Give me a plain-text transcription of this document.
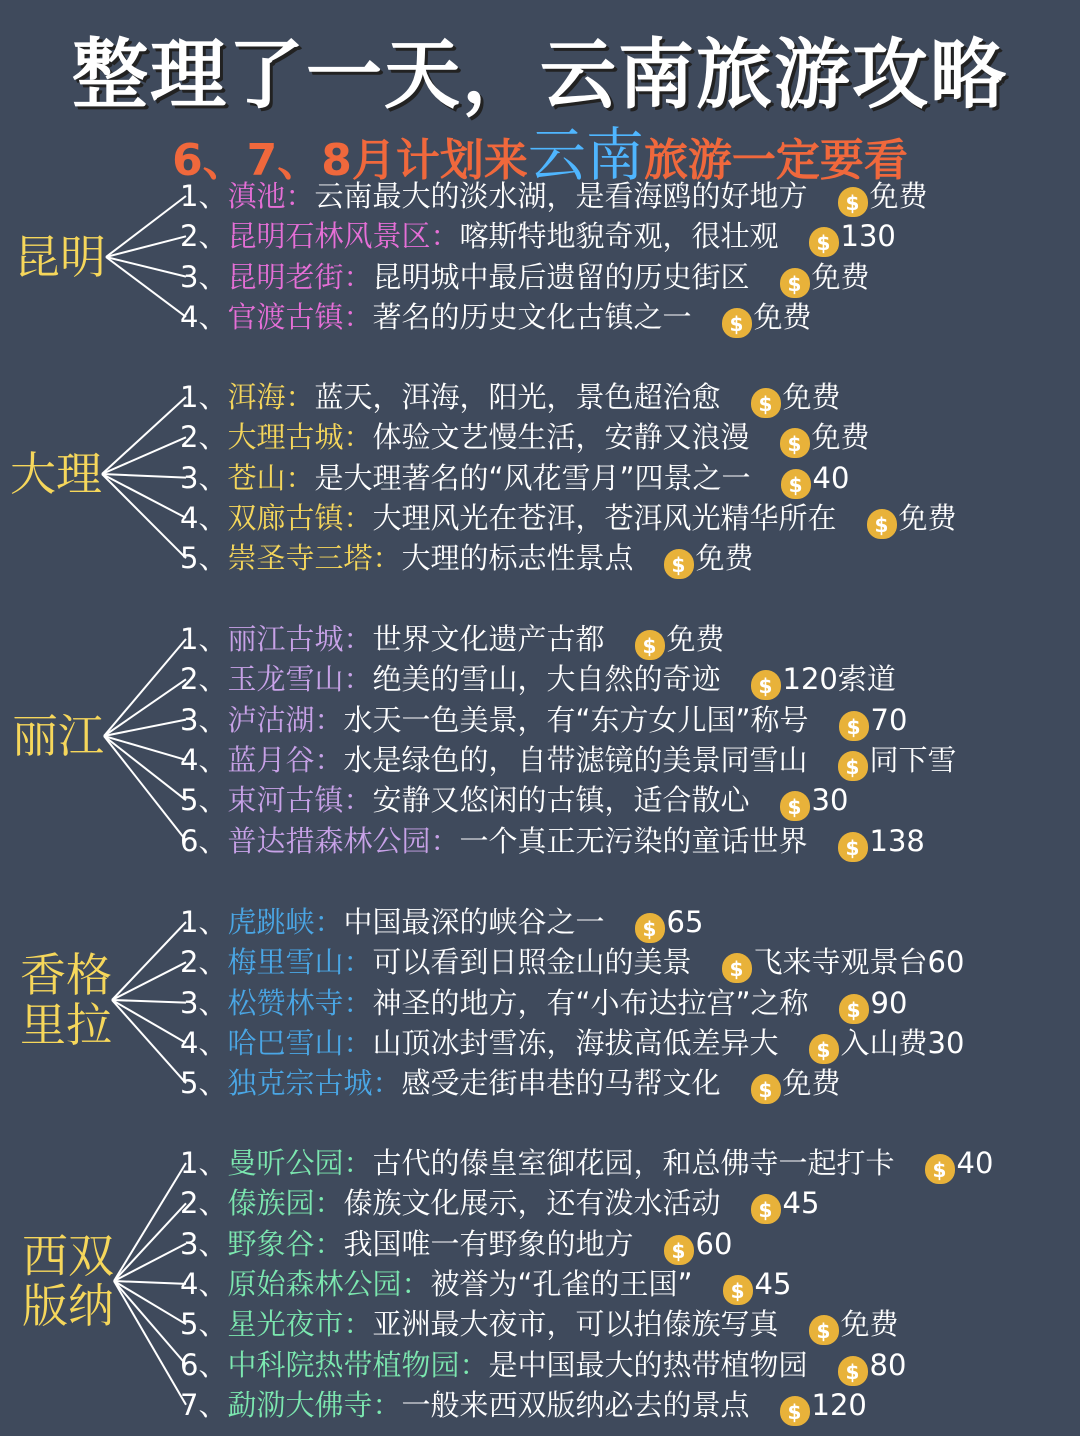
整理了一天，云南旅游攻略
6、7、8月计划来云南旅游一定要看
昆明
1、滇池：云南最大的淡水湖，是看海鸥的好地方 $ 免费
2、昆明石林风景区：喀斯特地貌奇观，很壮观 $ 130
3、昆明老街：昆明城中最后遗留的历史街区 $ 免费
4、官渡古镇：著名的历史文化古镇之一 $ 免费
大理
1、洱海：蓝天，洱海，阳光，景色超治愈 $ 免费
2、大理古城：体验文艺慢生活，安静又浪漫 $ 免费
3、苍山：是大理著名的“风花雪月”四景之一 $ 40
4、双廊古镇：大理风光在苍洱，苍洱风光精华所在 $ 免费
5、崇圣寺三塔：大理的标志性景点 $ 免费
丽江
1、丽江古城：世界文化遗产古都 $ 免费
2、玉龙雪山：绝美的雪山，大自然的奇迹 $ 120索道
3、泸沽湖：水天一色美景，有“东方女儿国”称号 $ 70
4、蓝月谷：水是绿色的，自带滤镜的美景同雪山 $ 同下雪
5、束河古镇：安静又悠闲的古镇，适合散心 $ 30
6、普达措森林公园：一个真正无污染的童话世界 $ 138
香格
里拉
1、虎跳峡：中国最深的峡谷之一 $ 65
2、梅里雪山：可以看到日照金山的美景 $ 飞来寺观景台60
3、松赞林寺：神圣的地方，有“小布达拉宫”之称 $ 90
4、哈巴雪山：山顶冰封雪冻，海拔高低差异大 $ 入山费30
5、独克宗古城：感受走街串巷的马帮文化 $ 免费
西双
版纳
1、曼听公园：古代的傣皇室御花园，和总佛寺一起打卡 $ 40
2、傣族园：傣族文化展示，还有泼水活动 $ 45
3、野象谷：我国唯一有野象的地方 $ 60
4、原始森林公园：被誉为“孔雀的王国” $ 45
5、星光夜市：亚洲最大夜市，可以拍傣族写真 $ 免费
6、中科院热带植物园：是中国最大的热带植物园 $ 80
7、勐泐大佛寺：一般来西双版纳必去的景点 $ 120
